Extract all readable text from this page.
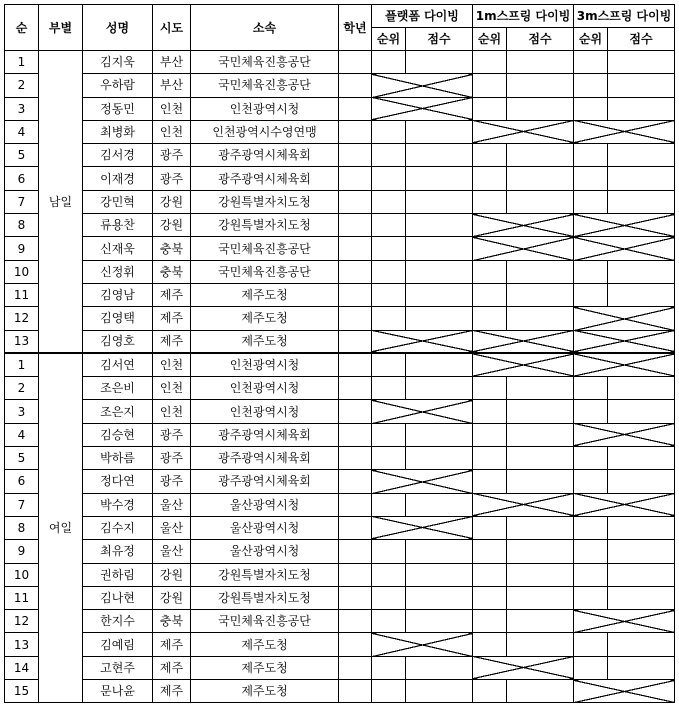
순	부별	성명	시도	소속	학년	플랫폼 다이빙		1m스프링 다이빙		3m스프링 다이빙	
						순위	점수	순위	점수	순위	점수
1	남일	김지욱	부산	국민체육진흥공단							
2		우하람	부산	국민체육진흥공단							
3		정동민	인천	인천광역시청							
4		최병화	인천	인천광역시수영연맹							
5		김서경	광주	광주광역시체육회							
6		이재경	광주	광주광역시체육회							
7		강민혁	강원	강원특별자치도청							
8		류용찬	강원	강원특별자치도청							
9		신재욱	충북	국민체육진흥공단							
10		신정휘	충북	국민체육진흥공단							
11		김영남	제주	제주도청							
12		김영택	제주	제주도청							
13		김영호	제주	제주도청							
1	여일	김서연	인천	인천광역시청							
2		조은비	인천	인천광역시청							
3		조은지	인천	인천광역시청							
4		김승현	광주	광주광역시체육회							
5		박하름	광주	광주광역시체육회							
6		정다연	광주	광주광역시체육회							
7		박수경	울산	울산광역시청							
8		김수지	울산	울산광역시청							
9		최유정	울산	울산광역시청							
10		권하림	강원	강원특별자치도청							
11		김나현	강원	강원특별자치도청							
12		한지수	충북	국민체육진흥공단							
13		김예림	제주	제주도청							
14		고현주	제주	제주도청							
15		문나윤	제주	제주도청							
